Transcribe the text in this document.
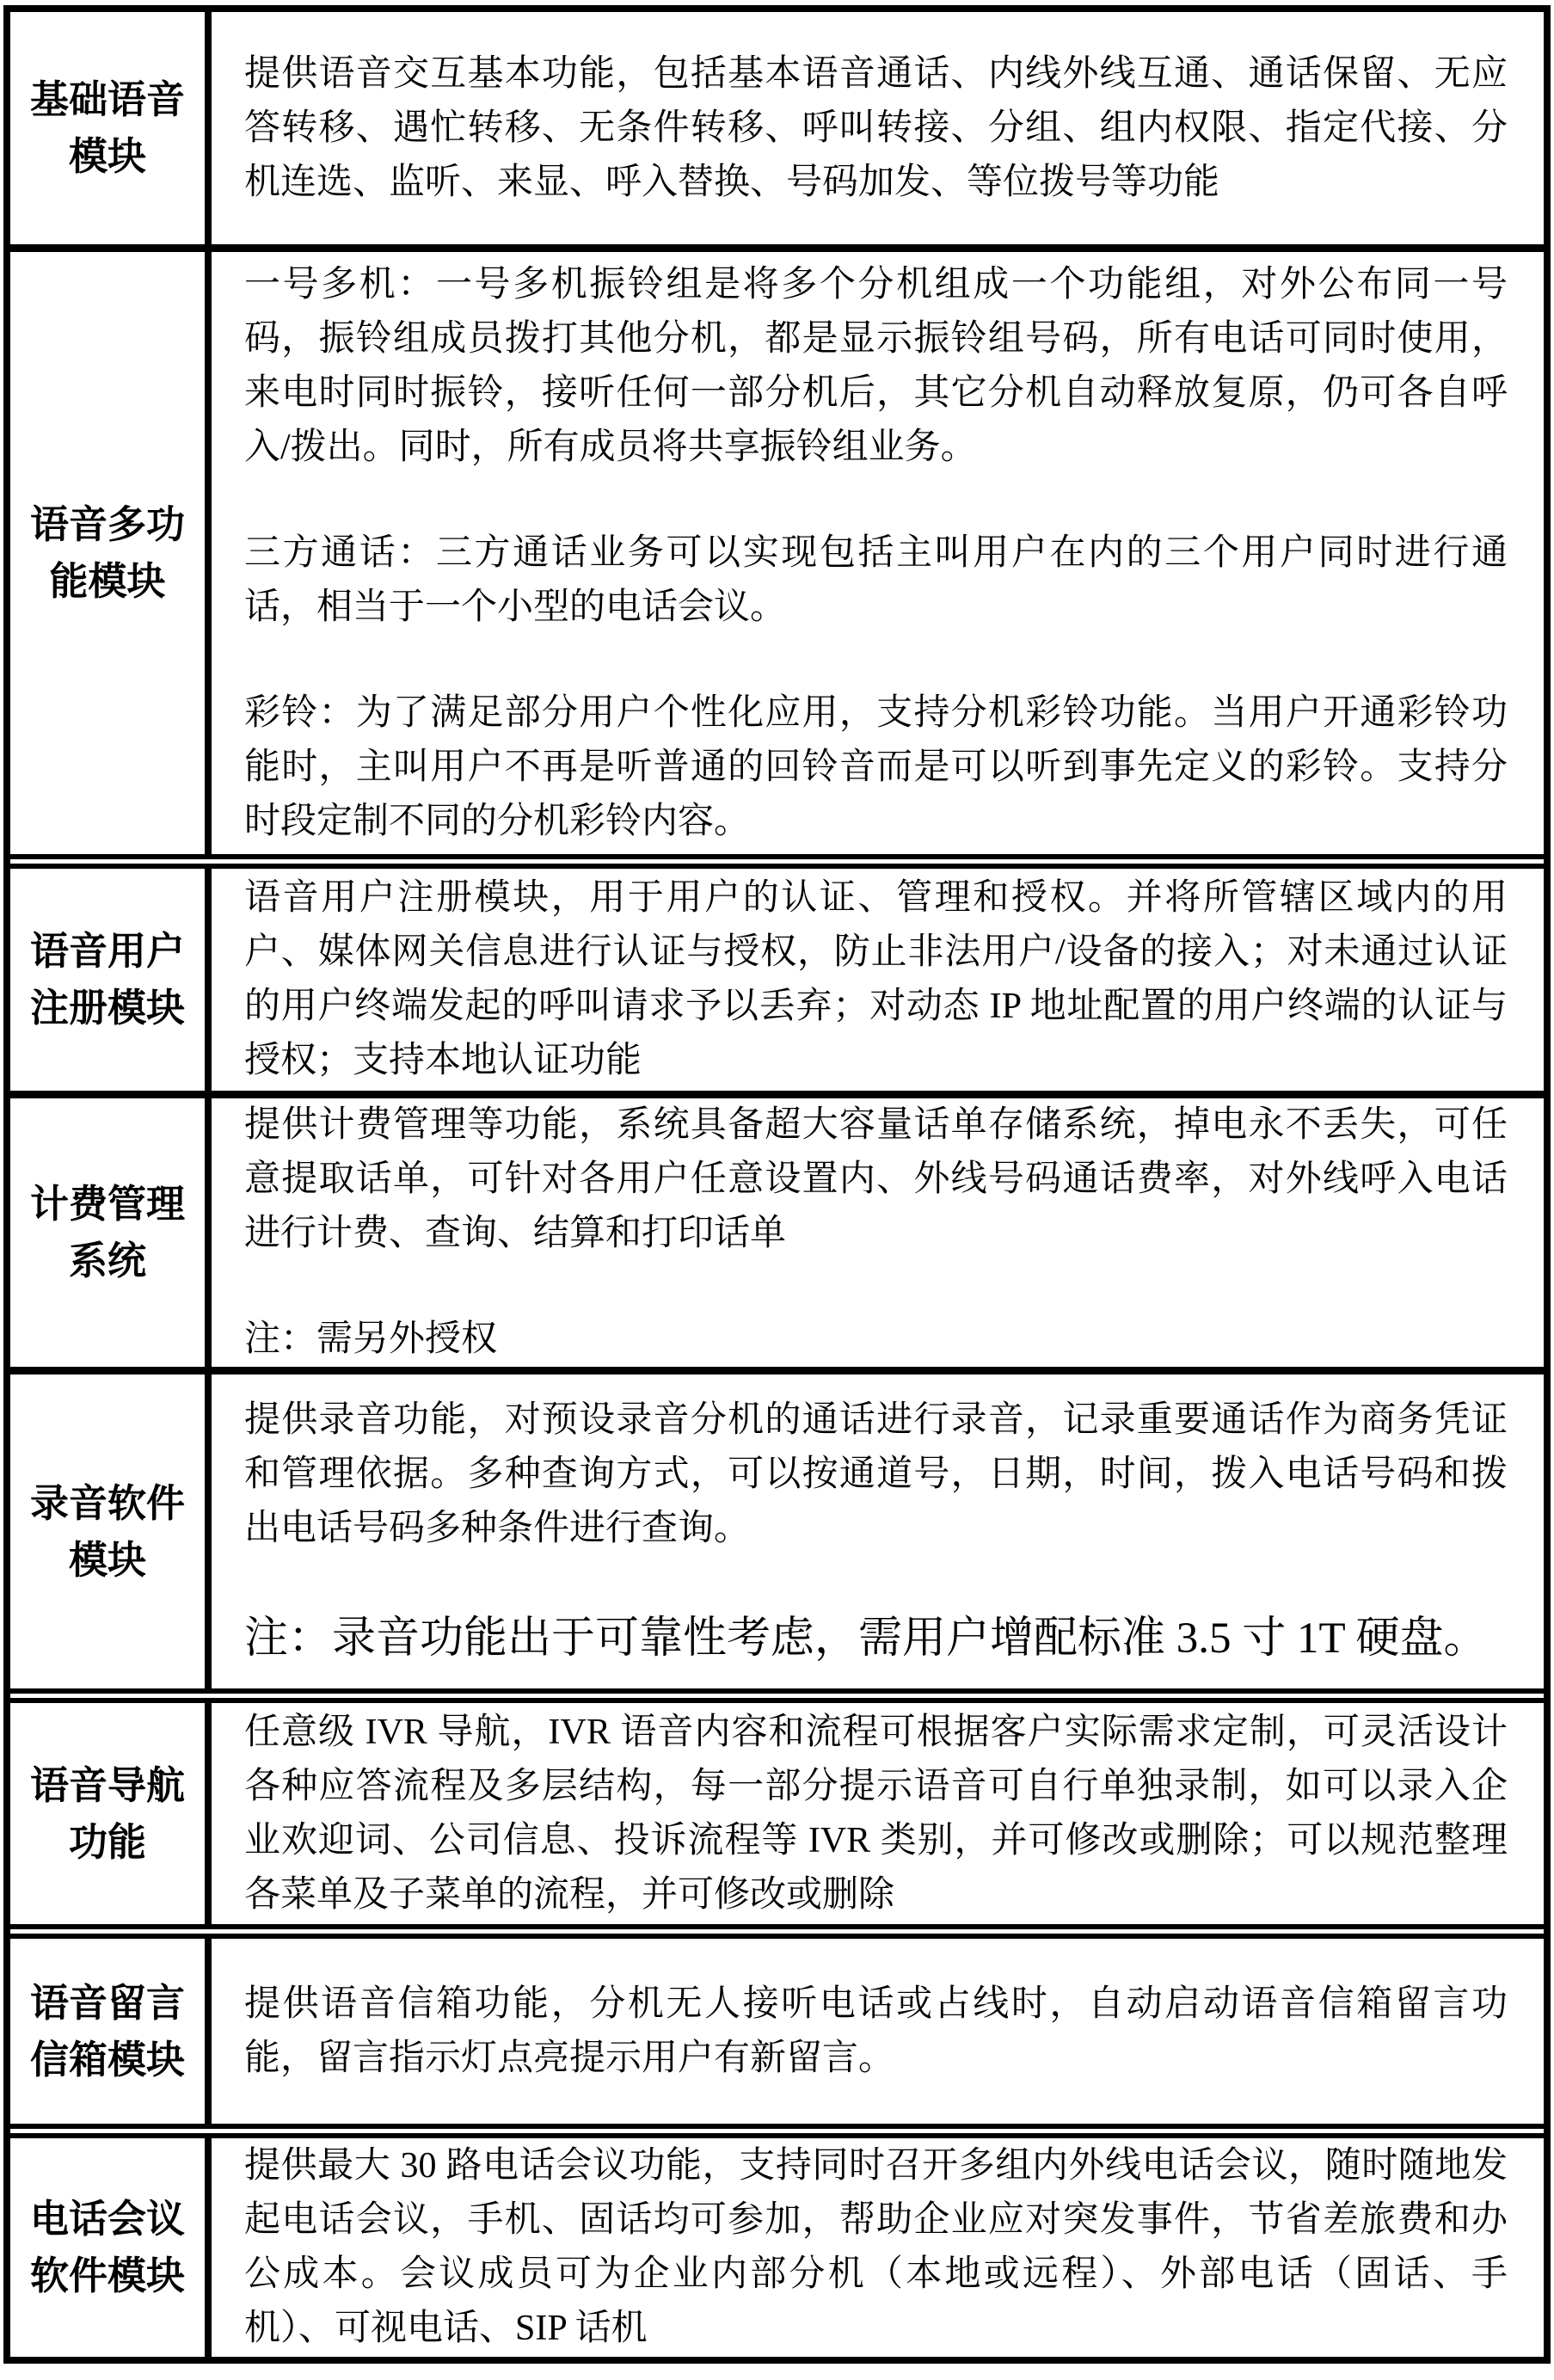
基础语音
模块

提供语音交互基本功能，包括基本语音通话、内线外线互通、通话保留、无应答转移、遇忙转移、无条件转移、呼叫转接、分组、组内权限、指定代接、分机连选、监听、来显、呼入替换、号码加发、等位拨号等功能

语音多功
能模块

一号多机：一号多机振铃组是将多个分机组成一个功能组，对外公布同一号码，振铃组成员拨打其他分机，都是显示振铃组号码，所有电话可同时使用，来电时同时振铃，接听任何一部分机后，其它分机自动释放复原，仍可各自呼入/拨出。同时，所有成员将共享振铃组业务。

三方通话：三方通话业务可以实现包括主叫用户在内的三个用户同时进行通话，相当于一个小型的电话会议。

彩铃：为了满足部分用户个性化应用，支持分机彩铃功能。当用户开通彩铃功能时，主叫用户不再是听普通的回铃音而是可以听到事先定义的彩铃。支持分时段定制不同的分机彩铃内容。

语音用户
注册模块

语音用户注册模块，用于用户的认证、管理和授权。并将所管辖区域内的用户、媒体网关信息进行认证与授权，防止非法用户/设备的接入；对未通过认证的用户终端发起的呼叫请求予以丢弃；对动态 IP 地址配置的用户终端的认证与授权；支持本地认证功能

计费管理
系统

提供计费管理等功能，系统具备超大容量话单存储系统，掉电永不丢失，可任意提取话单，可针对各用户任意设置内、外线号码通话费率，对外线呼入电话进行计费、查询、结算和打印话单

注：需另外授权

录音软件
模块

提供录音功能，对预设录音分机的通话进行录音，记录重要通话作为商务凭证和管理依据。多种查询方式，可以按通道号，日期，时间，拨入电话号码和拨出电话号码多种条件进行查询。

注：录音功能出于可靠性考虑，需用户增配标准 3.5 寸 1T 硬盘。

语音导航
功能

任意级 IVR 导航，IVR 语音内容和流程可根据客户实际需求定制，可灵活设计各种应答流程及多层结构，每一部分提示语音可自行单独录制，如可以录入企业欢迎词、公司信息、投诉流程等 IVR 类别，并可修改或删除；可以规范整理各菜单及子菜单的流程，并可修改或删除

语音留言
信箱模块

提供语音信箱功能，分机无人接听电话或占线时，自动启动语音信箱留言功能，留言指示灯点亮提示用户有新留言。

电话会议
软件模块

提供最大 30 路电话会议功能，支持同时召开多组内外线电话会议，随时随地发起电话会议，手机、固话均可参加，帮助企业应对突发事件，节省差旅费和办公成本。会议成员可为企业内部分机（本地或远程）、外部电话（固话、手机）、可视电话、SIP 话机
